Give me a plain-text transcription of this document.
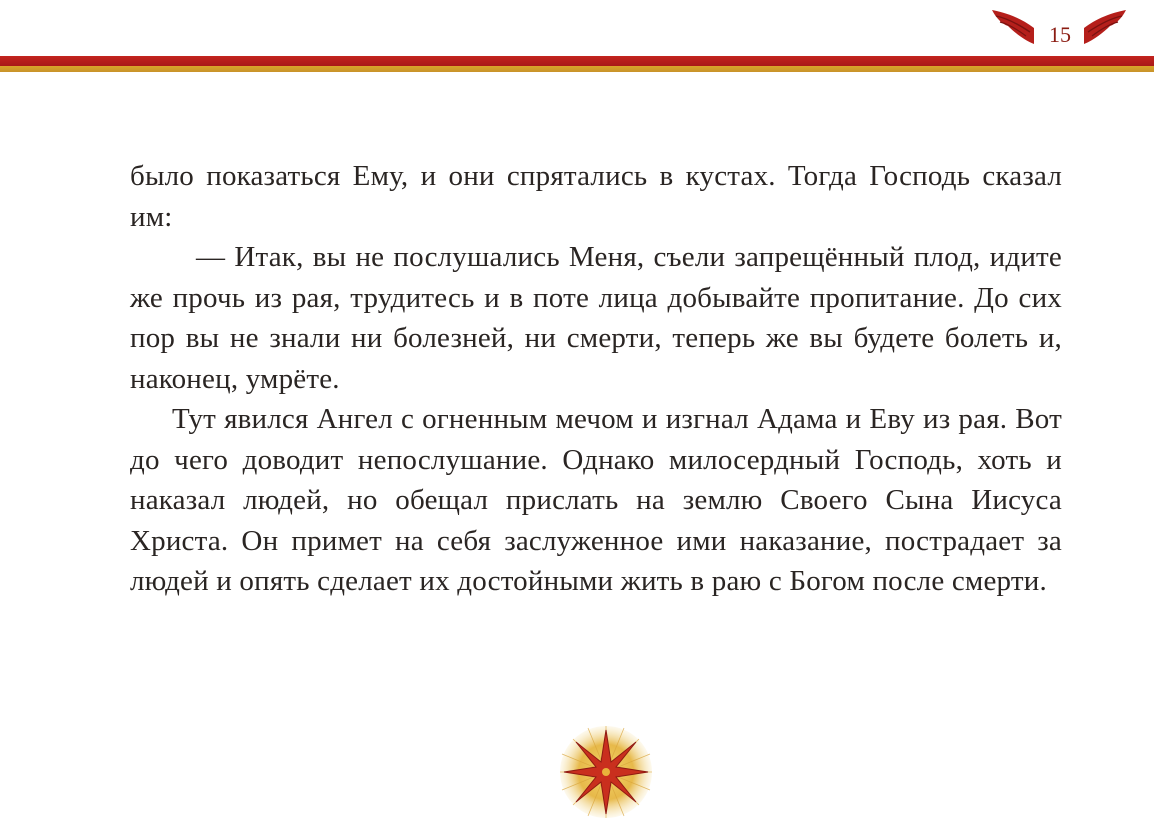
15

было показаться Ему, и они спрятались в кустах. Тогда Господь сказал им:

— Итак, вы не послушались Меня, съели запрещённый плод, идите же прочь из рая, трудитесь и в поте лица добывайте пропитание. До сих пор вы не знали ни болезней, ни смерти, теперь же вы будете болеть и, наконец, умрёте.

Тут явился Ангел с огненным мечом и изгнал Адама и Еву из рая. Вот до чего доводит непослушание. Однако милосердный Господь, хоть и наказал людей, но обещал прислать на землю Своего Сына Иисуса Христа. Он примет на себя заслуженное ими наказание, пострадает за людей и опять сделает их достойными жить в раю с Богом после смерти.
